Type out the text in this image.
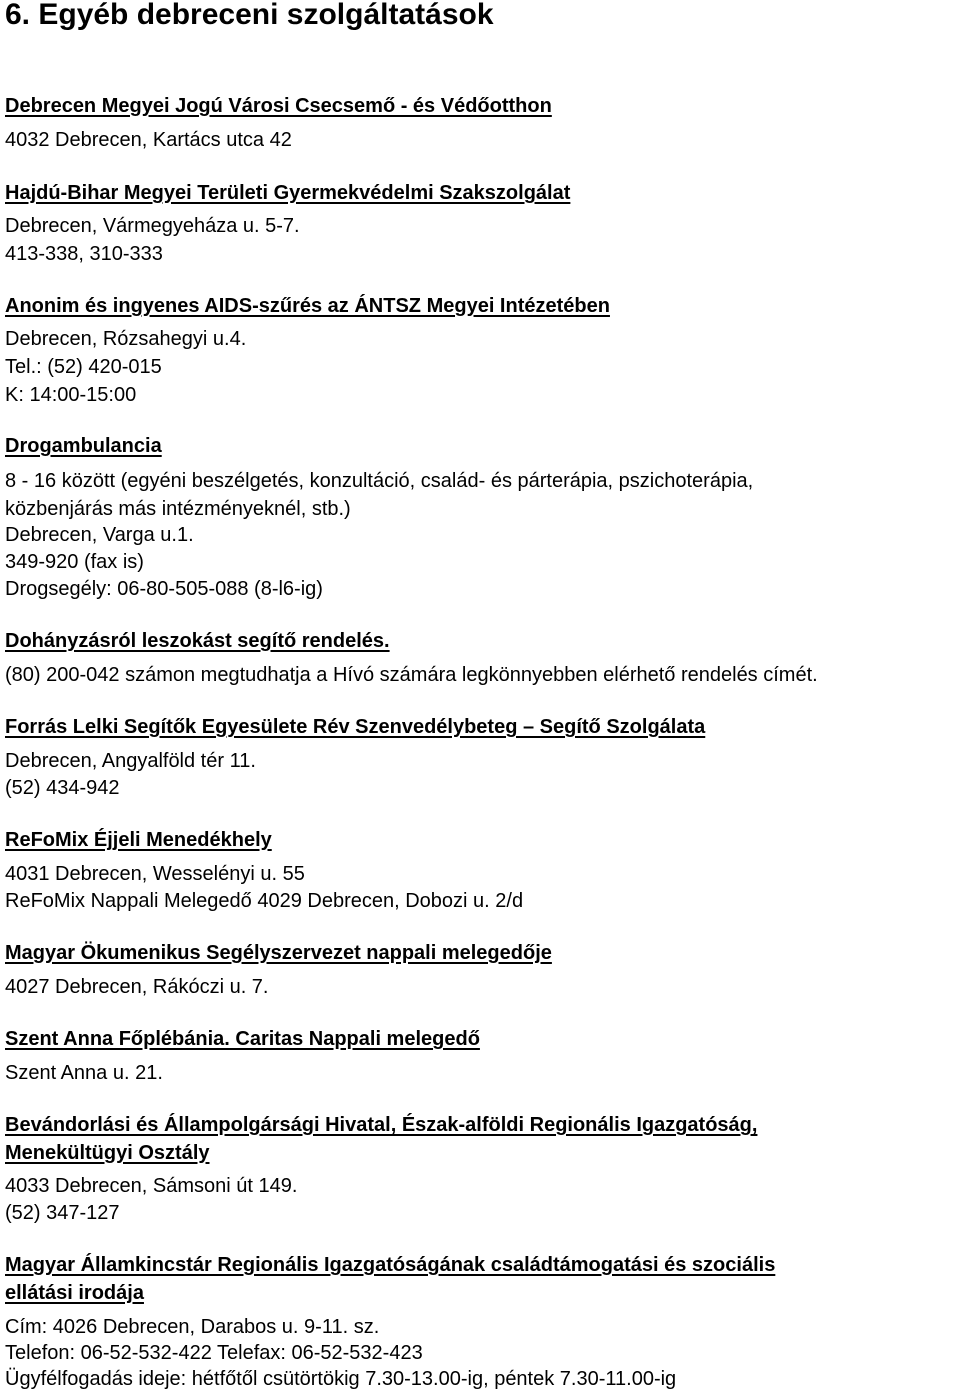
6. Egyéb debreceni szolgáltatások
Debrecen Megyei Jogú Városi Csecsemő - és Védőotthon
4032 Debrecen, Kartács utca 42
Hajdú-Bihar Megyei Területi Gyermekvédelmi Szakszolgálat
Debrecen, Vármegyeháza u. 5-7.
413-338, 310-333
Anonim és ingyenes AIDS-szűrés az ÁNTSZ Megyei Intézetében
Debrecen, Rózsahegyi u.4.
Tel.: (52) 420-015
K: 14:00-15:00
Drogambulancia
8 - 16 között (egyéni beszélgetés, konzultáció, család- és párterápia, pszichoterápia,
közbenjárás más intézményeknél, stb.)
Debrecen, Varga u.1.
349-920 (fax is)
Drogsegély: 06-80-505-088 (8-l6-ig)
Dohányzásról leszokást segítő rendelés.
(80) 200-042 számon megtudhatja a Hívó számára legkönnyebben elérhető rendelés címét.
Forrás Lelki Segítők Egyesülete Rév Szenvedélybeteg – Segítő Szolgálata
Debrecen, Angyalföld tér 11.
(52) 434-942
ReFoMix Éjjeli Menedékhely
4031 Debrecen, Wesselényi u. 55
ReFoMix Nappali Melegedő 4029 Debrecen, Dobozi u. 2/d
Magyar Ökumenikus Segélyszervezet nappali melegedője
4027 Debrecen, Rákóczi u. 7.
Szent Anna Főplébánia. Caritas Nappali melegedő
Szent Anna u. 21.
Bevándorlási és Állampolgársági Hivatal, Észak-alföldi Regionális Igazgatóság,
Menekültügyi Osztály
4033 Debrecen, Sámsoni út 149.
(52) 347-127
Magyar Államkincstár Regionális Igazgatóságának családtámogatási és szociális
ellátási irodája
Cím: 4026 Debrecen, Darabos u. 9-11. sz.
Telefon: 06-52-532-422 Telefax: 06-52-532-423
Ügyfélfogadás ideje: hétfőtől csütörtökig 7.30-13.00-ig, péntek 7.30-11.00-ig
